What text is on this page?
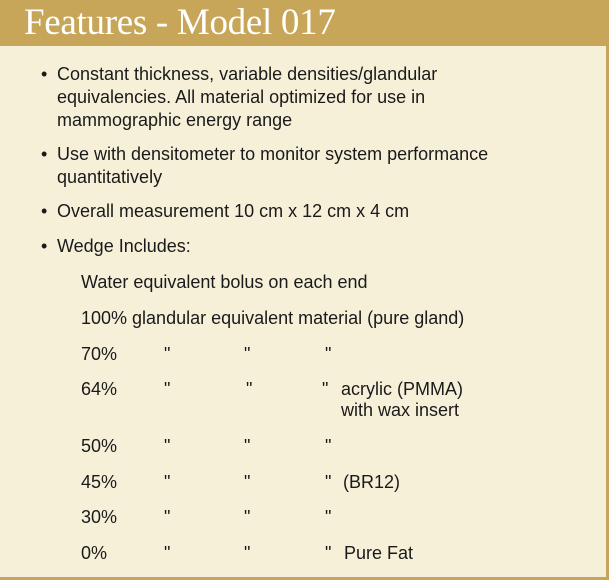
Features - Model 017
• Constant thickness, variable densities/glandular
equivalencies. All material optimized for use in
mammographic energy range
• Use with densitometer to monitor system performance
quantitatively
• Overall measurement 10 cm x 12 cm x 4 cm
• Wedge Includes:
Water equivalent bolus on each end
100% glandular equivalent material (pure gland)
70%	"	"	"
64%	"	"	" acrylic (PMMA)
with wax insert
50%	"	"	"
45%	"	"	" (BR12)
30%	"	"	"
0%	"	"	" Pure Fat
